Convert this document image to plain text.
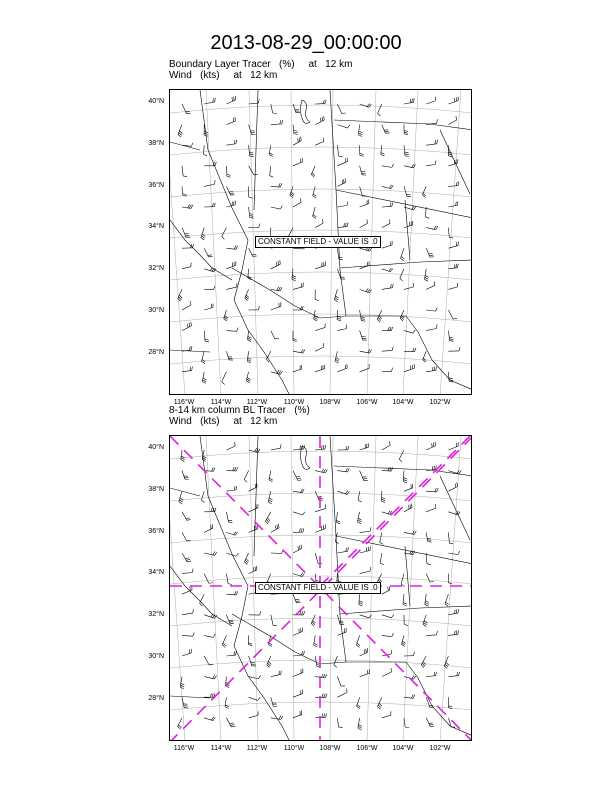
2013-08-29_00:00:00
Boundary Layer Tracer   (%)     at   12 km
Wind   (kts)     at   12 km
CONSTANT FIELD - VALUE IS .0
40°N
38°N
36°N
34°N
32°N
30°N
28°N
116°W	114°W	112°W	110°W	108°W	106°W	104°W	102°W
8-14 km column BL Tracer   (%)
Wind   (kts)     at   12 km
CONSTANT FIELD - VALUE IS .0
40°N
38°N
36°N
34°N
32°N
30°N
28°N
116°W	114°W	112°W	110°W	108°W	106°W	104°W	102°W
